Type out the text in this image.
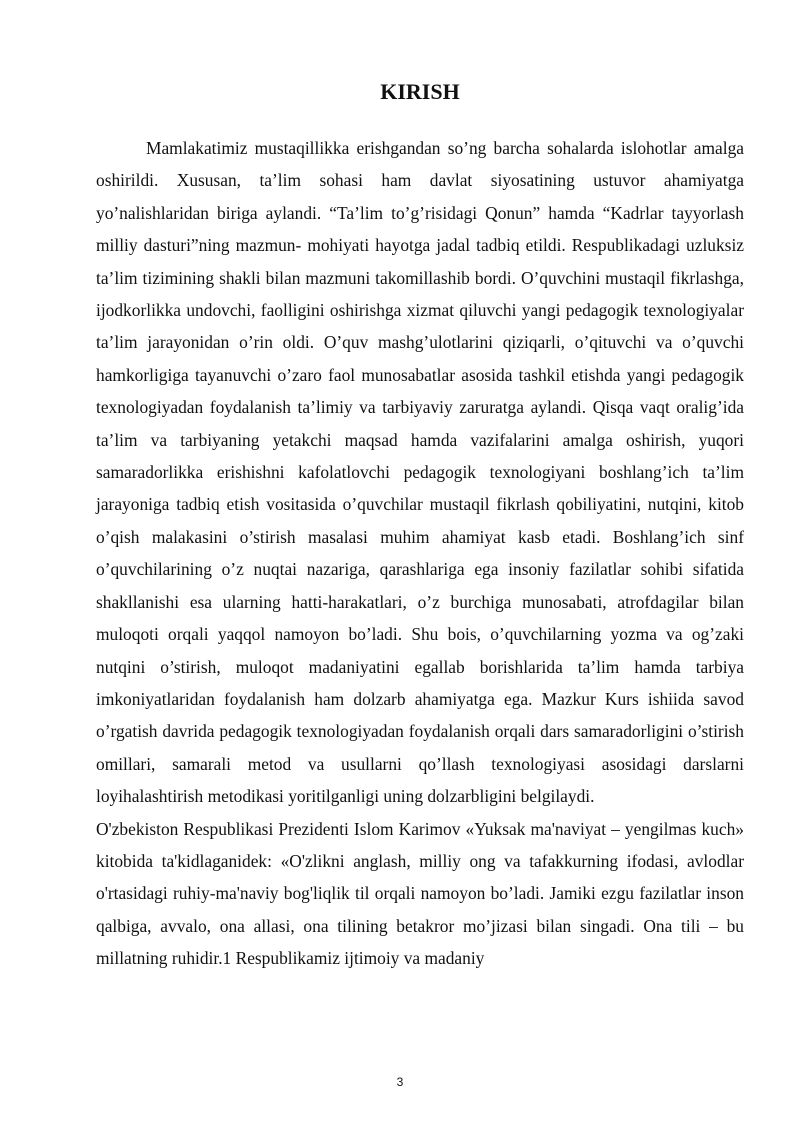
KIRISH

Mamlakatimiz mustaqillikka erishgandan so’ng barcha sohalarda islohotlar amalga oshirildi. Xususan, ta’lim sohasi ham davlat siyosatining ustuvor ahamiyatga yo’nalishlaridan biriga aylandi. “Ta’lim to’g’risidagi Qonun” hamda “Kadrlar tayyorlash milliy dasturi”ning mazmun- mohiyati hayotga jadal tadbiq etildi. Respublikadagi uzluksiz ta’lim tizimining shakli bilan mazmuni takomillashib bordi. O’quvchini mustaqil fikrlashga, ijodkorlikka undovchi, faolligini oshirishga xizmat qiluvchi yangi pedagogik texnologiyalar ta’lim jarayonidan o’rin oldi. O’quv mashg’ulotlarini qiziqarli, o’qituvchi va o’quvchi hamkorligiga tayanuvchi o’zaro faol munosabatlar asosida tashkil etishda yangi pedagogik texnologiyadan foydalanish ta’limiy va tarbiyaviy zaruratga aylandi. Qisqa vaqt oralig’ida ta’lim va tarbiyaning yetakchi maqsad hamda vazifalarini amalga oshirish, yuqori samaradorlikka erishishni kafolatlovchi pedagogik texnologiyani boshlang’ich ta’lim jarayoniga tadbiq etish vositasida o’quvchilar mustaqil fikrlash qobiliyatini, nutqini, kitob o’qish malakasini o’stirish masalasi muhim ahamiyat kasb etadi. Boshlang’ich sinf o’quvchilarining o’z nuqtai nazariga, qarashlariga ega insoniy fazilatlar sohibi sifatida shakllanishi esa ularning hatti-harakatlari, o’z burchiga munosabati, atrofdagilar bilan muloqoti orqali yaqqol namoyon bo’ladi. Shu bois, o’quvchilarning yozma va og’zaki nutqini o’stirish, muloqot madaniyatini egallab borishlarida ta’lim hamda tarbiya imkoniyatlaridan foydalanish ham dolzarb ahamiyatga ega. Mazkur Kurs ishiida savod o’rgatish davrida pedagogik texnologiyadan foydalanish orqali dars samaradorligini o’stirish omillari, samarali metod va usullarni qo’llash texnologiyasi asosidagi darslarni loyihalashtirish metodikasi yoritilganligi uning dolzarbligini belgilaydi.

O'zbekiston Respublikasi Prezidenti Islom Karimov «Yuksak ma'naviyat – yengilmas kuch» kitobida ta'kidlaganidek: «O'zlikni anglash, milliy ong va tafakkurning ifodasi, avlodlar o'rtasidagi ruhiy-ma'naviy bog'liqlik til orqali namoyon bo’ladi. Jamiki ezgu fazilatlar inson qalbiga, avvalo, ona allasi, ona tilining betakror mo’jizasi bilan singadi. Ona tili – bu millatning ruhidir.1 Respublikamiz ijtimoiy va madaniy

3
